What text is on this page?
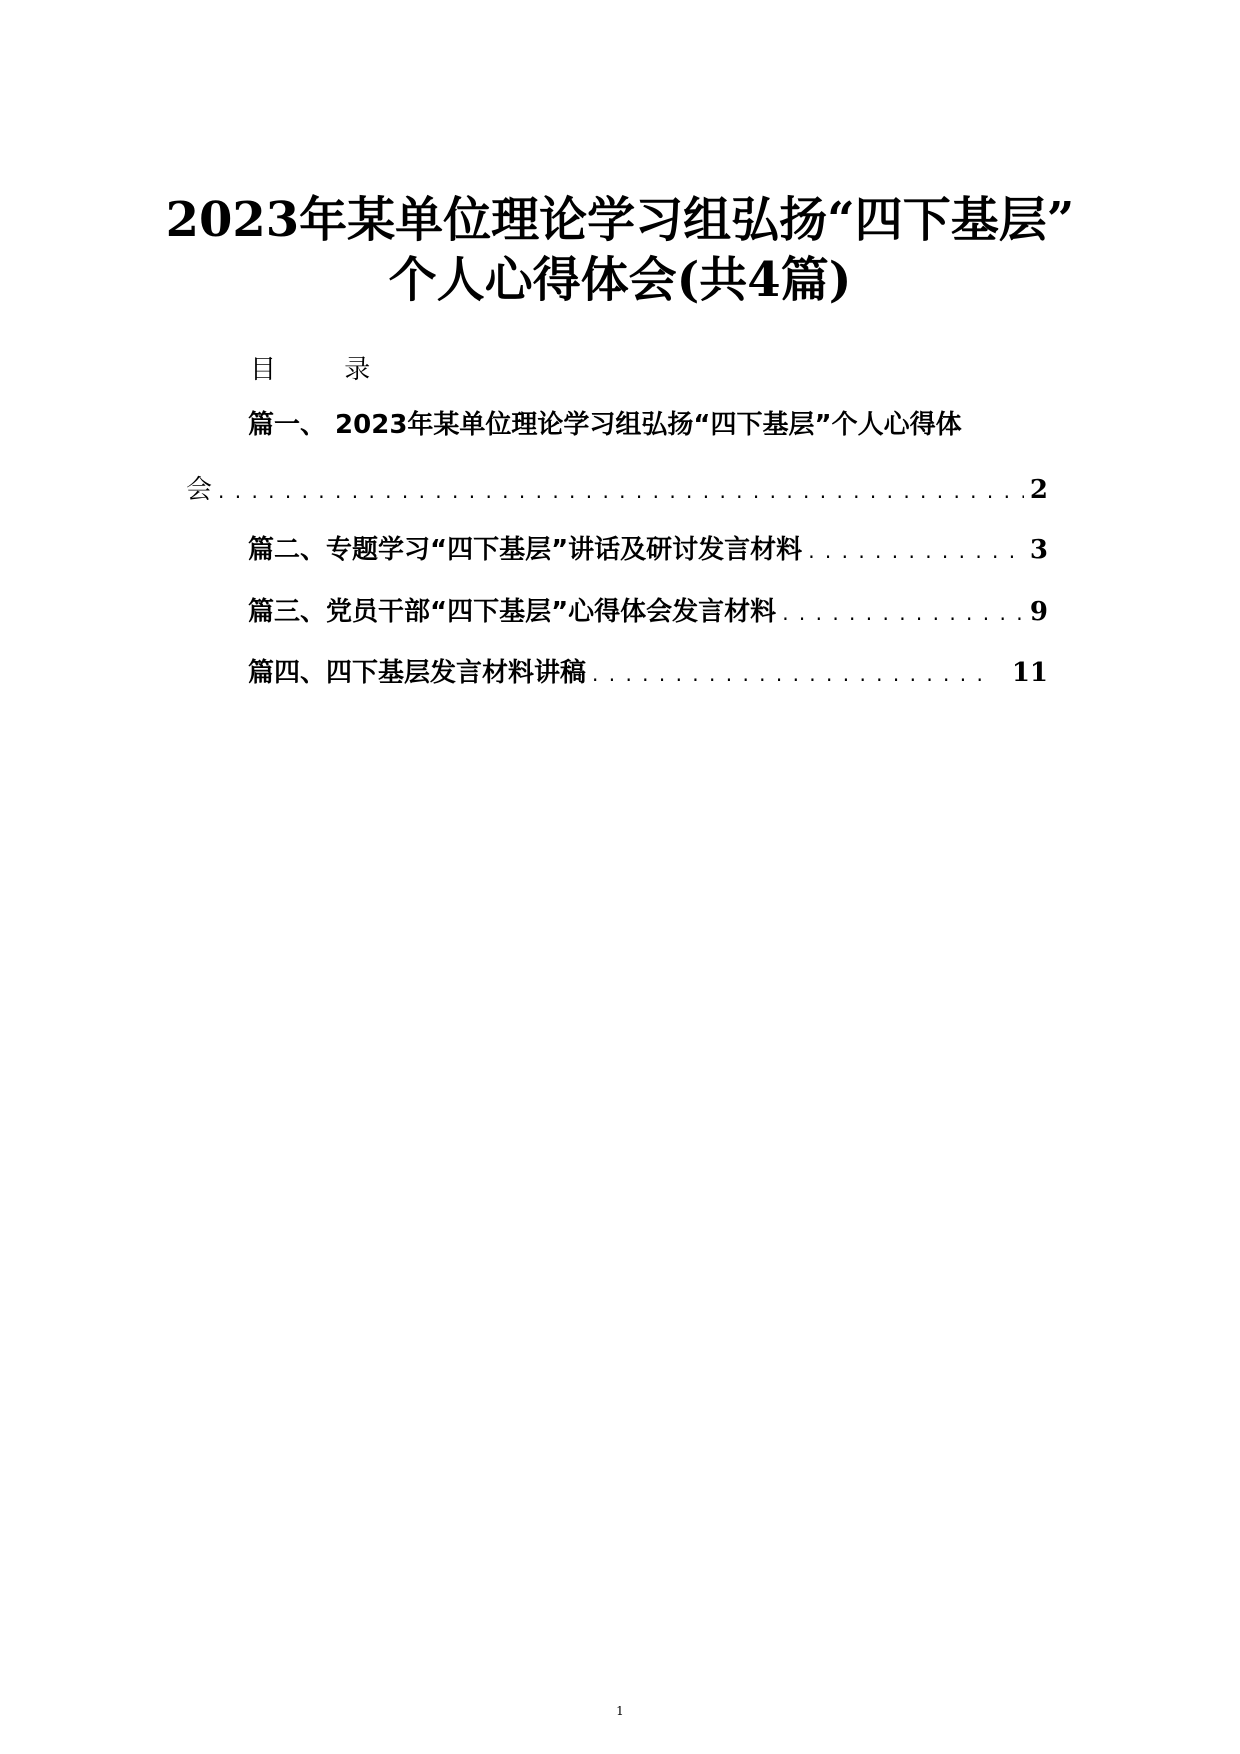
2023年某单位理论学习组弘扬“四下基层”
个人心得体会(共4篇)
目 录
篇一、 2023年某单位理论学习组弘扬“四下基层”个人心得体
会 . . .	2
篇二、专题学习“四下基层”讲话及研讨发言材料 . . .	3
篇三、党员干部“四下基层”心得体会发言材料 . . .	9
篇四、四下基层发言材料讲稿 . . .	11
1
